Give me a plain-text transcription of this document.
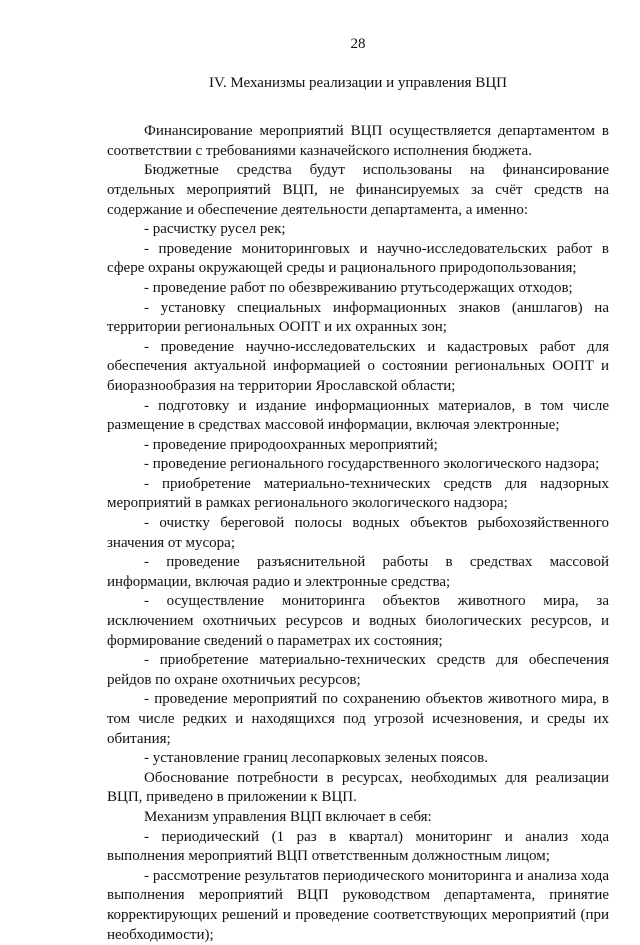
28
IV. Механизмы реализации и управления ВЦП

Финансирование мероприятий ВЦП осуществляется департаментом в соответствии с требованиями казначейского исполнения бюджета.

Бюджетные средства будут использованы на финансирование отдельных мероприятий ВЦП, не финансируемых за счёт средств на содержание и обеспечение деятельности департамента, а именно:

- расчистку русел рек;

- проведение мониторинговых и научно-исследовательских работ в сфере охраны окружающей среды и рационального природопользования;

- проведение работ по обезвреживанию ртутьсодержащих отходов;

- установку специальных информационных знаков (аншлагов) на территории региональных ООПТ и их охранных зон;

- проведение научно-исследовательских и кадастровых работ для обеспечения актуальной информацией о состоянии региональных ООПТ и биоразнообразия на территории Ярославской области;

- подготовку и издание информационных материалов, в том числе размещение в средствах массовой информации, включая электронные;

- проведение природоохранных мероприятий;

- проведение регионального государственного экологического надзора;

- приобретение материально-технических средств для надзорных мероприятий в рамках регионального экологического надзора;

- очистку береговой полосы водных объектов рыбохозяйственного значения от мусора;

- проведение разъяснительной работы в средствах массовой информации, включая радио и электронные средства;

- осуществление мониторинга объектов животного мира, за исключением охотничьих ресурсов и водных биологических ресурсов, и формирование сведений о параметрах их состояния;

- приобретение материально-технических средств для обеспечения рейдов по охране охотничьих ресурсов;

- проведение мероприятий по сохранению объектов животного мира, в том числе редких и находящихся под угрозой исчезновения, и среды их обитания;

- установление границ лесопарковых зеленых поясов.

Обоснование потребности в ресурсах, необходимых для реализации ВЦП, приведено в приложении к ВЦП.

Механизм управления ВЦП включает в себя:

- периодический (1 раз в квартал) мониторинг и анализ хода выполнения мероприятий ВЦП ответственным должностным лицом;

- рассмотрение результатов периодического мониторинга и анализа хода выполнения мероприятий ВЦП руководством департамента, принятие корректирующих решений и проведение соответствующих мероприятий (при необходимости);
